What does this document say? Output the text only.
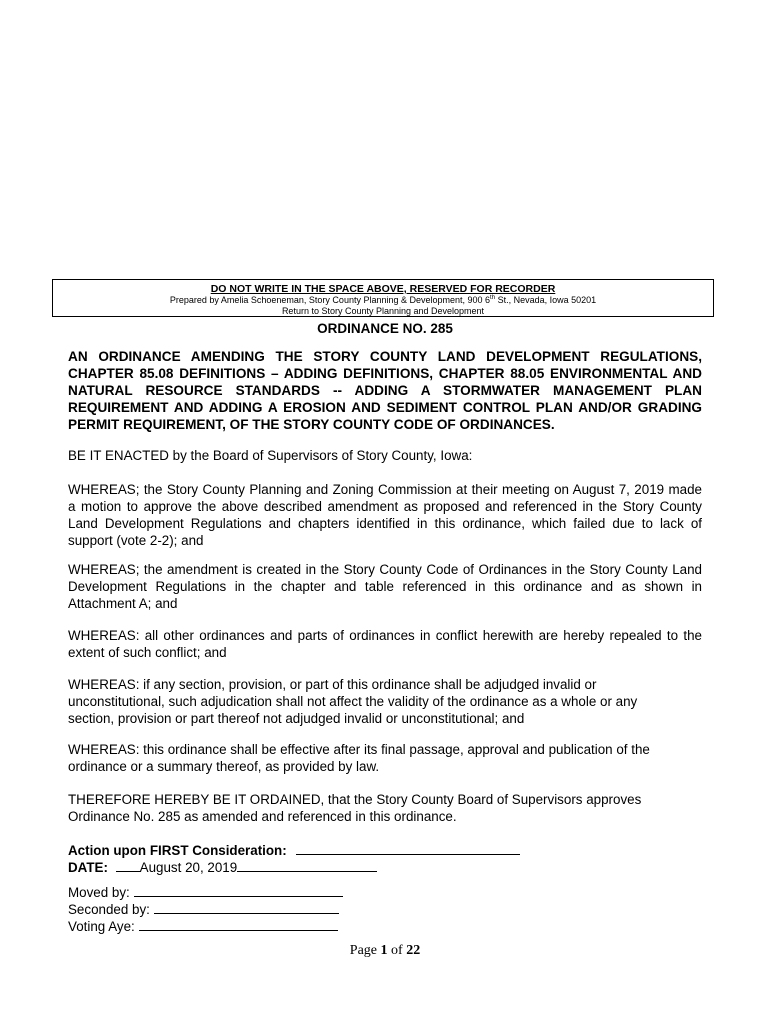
DO NOT WRITE IN THE SPACE ABOVE, RESERVED FOR RECORDER
Prepared by Amelia Schoeneman, Story County Planning & Development, 900 6th St., Nevada, Iowa 50201
Return to Story County Planning and Development
ORDINANCE NO. 285
AN ORDINANCE AMENDING THE STORY COUNTY LAND DEVELOPMENT REGULATIONS, CHAPTER 85.08 DEFINITIONS – ADDING DEFINITIONS, CHAPTER 88.05 ENVIRONMENTAL AND NATURAL RESOURCE STANDARDS -- ADDING A STORMWATER MANAGEMENT PLAN REQUIREMENT AND ADDING A EROSION AND SEDIMENT CONTROL PLAN AND/OR GRADING PERMIT REQUIREMENT, OF THE STORY COUNTY CODE OF ORDINANCES.
BE IT ENACTED by the Board of Supervisors of Story County, Iowa:
WHEREAS; the Story County Planning and Zoning Commission at their meeting on August 7, 2019 made a motion to approve the above described amendment as proposed and referenced in the Story County Land Development Regulations and chapters identified in this ordinance, which failed due to lack of support (vote 2-2); and
WHEREAS; the amendment is created in the Story County Code of Ordinances in the Story County Land Development Regulations in the chapter and table referenced in this ordinance and as shown in Attachment A; and
WHEREAS: all other ordinances and parts of ordinances in conflict herewith are hereby repealed to the extent of such conflict; and
WHEREAS: if any section, provision, or part of this ordinance shall be adjudged invalid or
unconstitutional, such adjudication shall not affect the validity of the ordinance as a whole or any
section, provision or part thereof not adjudged invalid or unconstitutional; and
WHEREAS: this ordinance shall be effective after its final passage, approval and publication of the
ordinance or a summary thereof, as provided by law.
THEREFORE HEREBY BE IT ORDAINED, that the Story County Board of Supervisors approves
Ordinance No. 285 as amended and referenced in this ordinance.
Action upon FIRST Consideration:
DATE: August 20, 2019
Moved by:
Seconded by:
Voting Aye:
Page 1 of 22
